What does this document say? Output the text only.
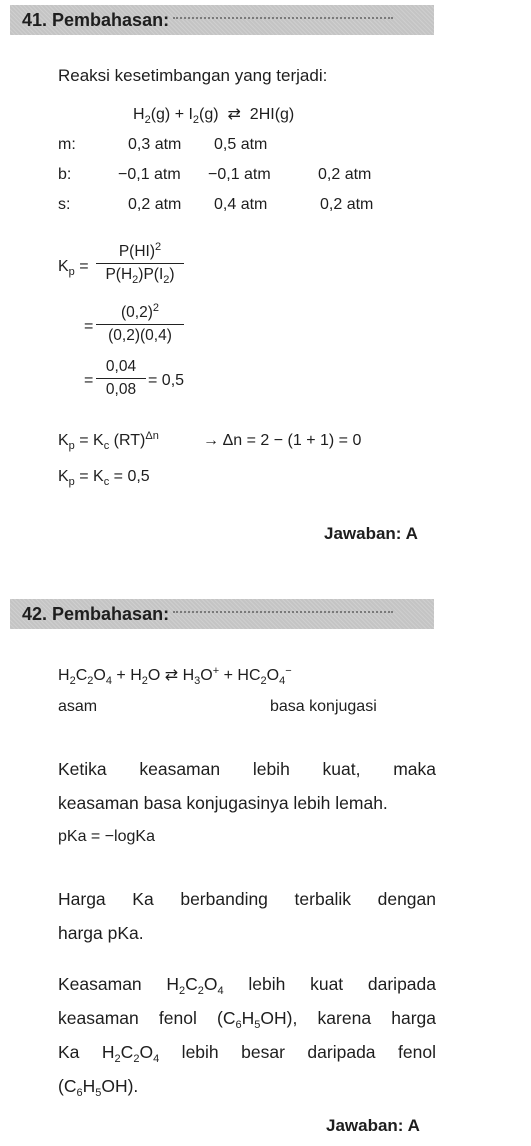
41. Pembahasan:
Reaksi kesetimbangan yang terjadi:
$H_2(g) + I_2(g)$  ⇄  2HI(g)
m:	0,3 atm 0,5 atm
b:	−0,1 atm −0,1 atm	0,2 atm
s:	0,2 atm 0,4 atm	0,2 atm
$K_p$ =
P(HI)$^2$
$P(H_2)P(I_2)$
=
$(0,2)^2$
(0,2)(0,4)
=
0,04
0,08
= 0,5
$K_p = K_c$ (RT)$^{\Delta n}$	→ Δn = 2 − (1 + 1) = 0
$K_p = K_c = 0,5$
Jawaban: A
42. Pembahasan:
$H_2C_2O_4 + H_2O$ ⇄ $H_3O^+ + HC_2O_4^-$
asam	basa konjugasi
Ketika keasaman lebih kuat, maka
keasaman basa konjugasinya lebih lemah.
pKa = −logKa
Harga Ka berbanding terbalik dengan
harga pKa.
Keasaman  $H_2C_2O_4$  lebih  kuat  daripada
keasaman fenol $(C_6H_5OH)$, karena harga
Ka  $H_2C_2O_4$  lebih  besar  daripada  fenol
$(C_6H_5OH)$.
Jawaban: A
